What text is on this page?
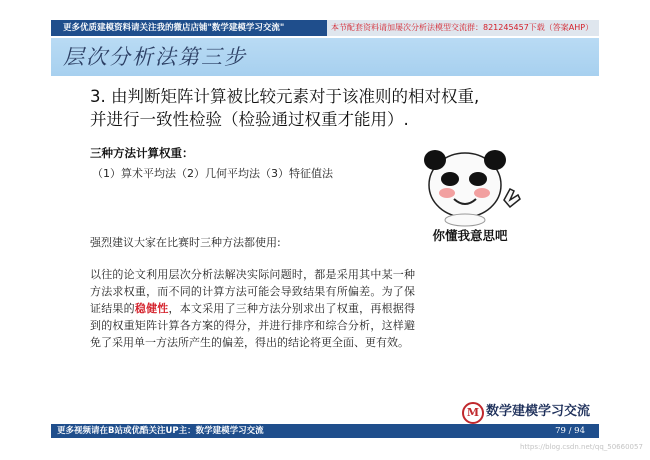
更多优质建模资料请关注我的微店店铺"数学建模学习交流"	本节配套资料请加屡次分析法模型交流群：821245457下载（答案AHP）
层次分析法第三步
3. 由判断矩阵计算被比较元素对于该准则的相对权重,
并进行一致性检验（检验通过权重才能用）.
三种方法计算权重：
（1）算术平均法（2）几何平均法（3）特征值法
强烈建议大家在比赛时三种方法都使用:
以往的论文利用层次分析法解决实际问题时，都是采用其中某一种方法求权重，而不同的计算方法可能会导致结果有所偏差。为了保证结果的稳健性，本文采用了三种方法分别求出了权重，再根据得到的权重矩阵计算各方案的得分，并进行排序和综合分析，这样避免了采用单一方法所产生的偏差，得出的结论将更全面、更有效。
你懂我意思吧
M 数学建模学习交流
更多视频请在B站或优酷关注UP主：数学建模学习交流	79 / 94
https://blog.csdn.net/qq_50660057
